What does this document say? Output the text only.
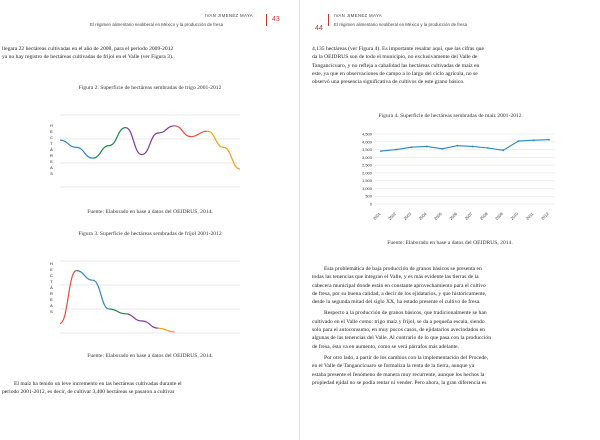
IVAN JIMENEZ MAYA
El régimen alimentario neoliberal en México y la producción de fresa
43
llegara 22 hectáreas cultivadas en el año de 2008, para el periodo 2009-2012
ya no hay registro de hectáreas cultivadas de frijol en el Valle (ver Figura 3).
Figura 2. Superficie de hectáreas sembradas de trigo 2001-2012
H
E
C
T
Á
R
E
A
S
Fuente: Elaborado en base a datos del OEIDRUS, 2014.
Figura 3. Superficie de hectáreas sembradas de frijol 2001-2012
H
E
C
T
Á
R
E
A
S
Fuente: Elaborado en base a datos del OEIDRUS, 2014.
El maíz ha tenido un leve incremento en las hectáreas cultivadas durante el
periodo 2001-2012, es decir, de cultivar 3,400 hectáreas se pasaron a cultivar
44
IVAN JIMENEZ MAYA
El régimen alimentario neoliberal en México y la producción de fresa
4,135 hectáreas (ver Figura 4). Es importante resaltar aquí, que las cifras que
da la OEIDRUS son de todo el municipio, no exclusivamente del Valle de
Tangancícuaro, y no refleja a cabalidad las hectáreas cultivadas de maíz en
este, ya que en observaciones de campo a lo largo del ciclo agrícola, no se
observó una presencia significativa de cultivos de este grano básico.
Figura 4. Superficie de hectáreas sembradas de maíz 2001-2012
0
500
1,000
1,500
2,000
2,500
3,000
3,500
4,000
4,500
2001 2002 2003 2004 2005 2006 2007 2008 2009 2010 2011 2012
Fuente: Elaborado en base a datos del OEIDRUS, 2014.
Esta problemática de baja producción de granos básicos se presenta en
todas las tenencias que integran el Valle, y es más evidente las tierras de la
cabecera municipal donde están en constante aprovechamiento para el cultivo
de fresa, por su buena calidad, a decir de los ejidatarios, y que históricamente,
desde la segunda mitad del siglo XX, ha estado presente el cultivo de fresa.
Respecto a la producción de granos básicos, que tradicionalmente se han
cultivado en el Valle como: trigo maíz y frijol, se da a pequeña escala, siendo
solo para el autoconsumo, en muy pocos casos, de ejidatarios avecindados en
algunas de las tenencias del Valle. Al contrario de lo que pasa con la producción
de fresa, ésta va en aumento, como se verá párrafos más adelante.
Por otro lado, a partir de los cambios con la implementación del Procede,
en el Valle de Tangancícuaro se formaliza la renta de la tierra, aunque ya
estaba presente el fenómeno de manera muy recurrente, aunque los hechos la
propiedad ejidal no se podía rentar ni vender. Pero ahora, la gran diferencia es
